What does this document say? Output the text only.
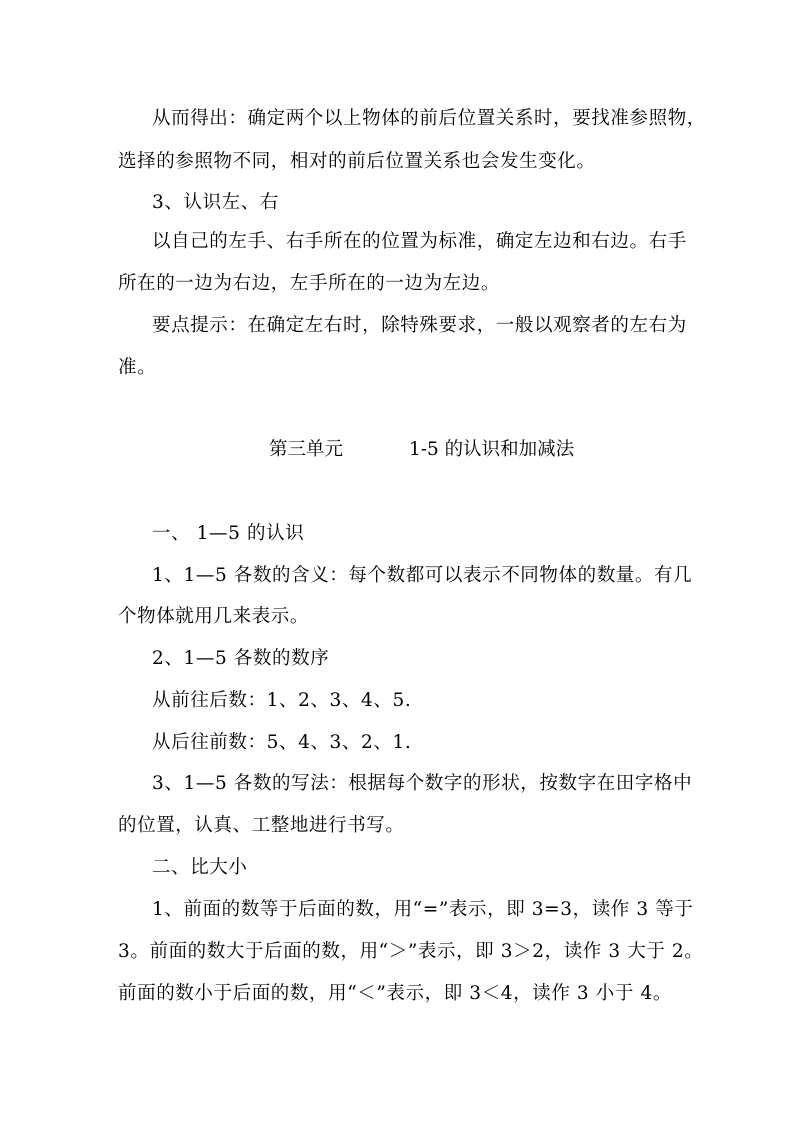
从而得出：确定两个以上物体的前后位置关系时，要找准参照物，
选择的参照物不同，相对的前后位置关系也会发生变化。
3、认识左、右
以自己的左手、右手所在的位置为标准，确定左边和右边。右手
所在的一边为右边，左手所在的一边为左边。
要点提示：在确定左右时，除特殊要求，一般以观察者的左右为
准。
第三单元	1-5 的认识和加减法
一、 1—5 的认识
1、1—5 各数的含义：每个数都可以表示不同物体的数量。有几
个物体就用几来表示。
2、1—5 各数的数序
从前往后数：1、2、3、4、5.
从后往前数：5、4、3、2、1.
3、1—5 各数的写法：根据每个数字的形状，按数字在田字格中
的位置，认真、工整地进行书写。
二、比大小
1、前面的数等于后面的数，用“=”表示，即 3=3，读作 3 等于
3。前面的数大于后面的数，用“＞”表示，即 3＞2，读作 3 大于 2。
前面的数小于后面的数，用“＜”表示，即 3＜4，读作 3 小于 4。
